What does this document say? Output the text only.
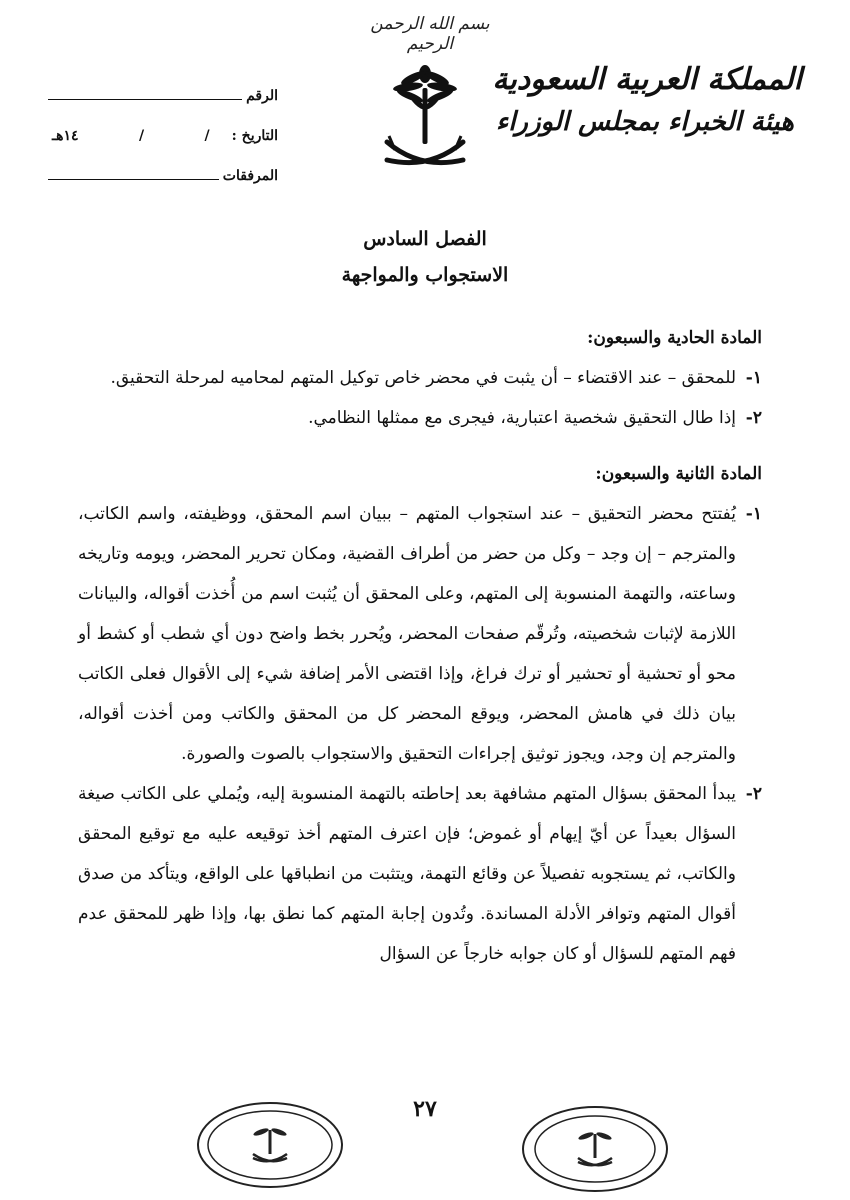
بسم الله الرحمن الرحيم
المملكة العربية السعودية
هيئة الخبراء بمجلس الوزراء
الرقم
التاريخ :
/
/
١٤هـ
المرفقات
الفصل السادس
الاستجواب والمواجهة
المادة الحادية والسبعون:
١-
للمحقق – عند الاقتضاء – أن يثبت في محضر خاص توكيل المتهم لمحاميه لمرحلة التحقيق.
٢-
إذا طال التحقيق شخصية اعتبارية، فيجرى مع ممثلها النظامي.
المادة الثانية والسبعون:
١-
يُفتتح محضر التحقيق – عند استجواب المتهم – ببيان اسم المحقق، ووظيفته، واسم الكاتب، والمترجم – إن وجد – وكل من حضر من أطراف القضية، ومكان تحرير المحضر، ويومه وتاريخه وساعته، والتهمة المنسوبة إلى المتهم، وعلى المحقق أن يُثبت اسم من أُخذت أقواله، والبيانات اللازمة لإثبات شخصيته، وتُرقّم صفحات المحضر، ويُحرر بخط واضح دون أي شطب أو كشط أو محو أو تحشية أو تحشير أو ترك فراغ، وإذا اقتضى الأمر إضافة شيء إلى الأقوال فعلى الكاتب بيان ذلك في هامش المحضر، ويوقع المحضر كل من المحقق والكاتب ومن أخذت أقواله، والمترجم إن وجد، ويجوز توثيق إجراءات التحقيق والاستجواب بالصوت والصورة.
٢-
يبدأ المحقق بسؤال المتهم مشافهة بعد إحاطته بالتهمة المنسوبة إليه، ويُملي على الكاتب صيغة السؤال بعيداً عن أيّ إيهام أو غموض؛ فإن اعترف المتهم أخذ توقيعه عليه مع توقيع المحقق والكاتب، ثم يستجوبه تفصيلاً عن وقائع التهمة، ويتثبت من انطباقها على الواقع، ويتأكد من صدق أقوال المتهم وتوافر الأدلة المساندة. وتُدون إجابة المتهم كما نطق بها، وإذا ظهر للمحقق عدم فهم المتهم للسؤال أو كان جوابه خارجاً عن السؤال
٢٧
